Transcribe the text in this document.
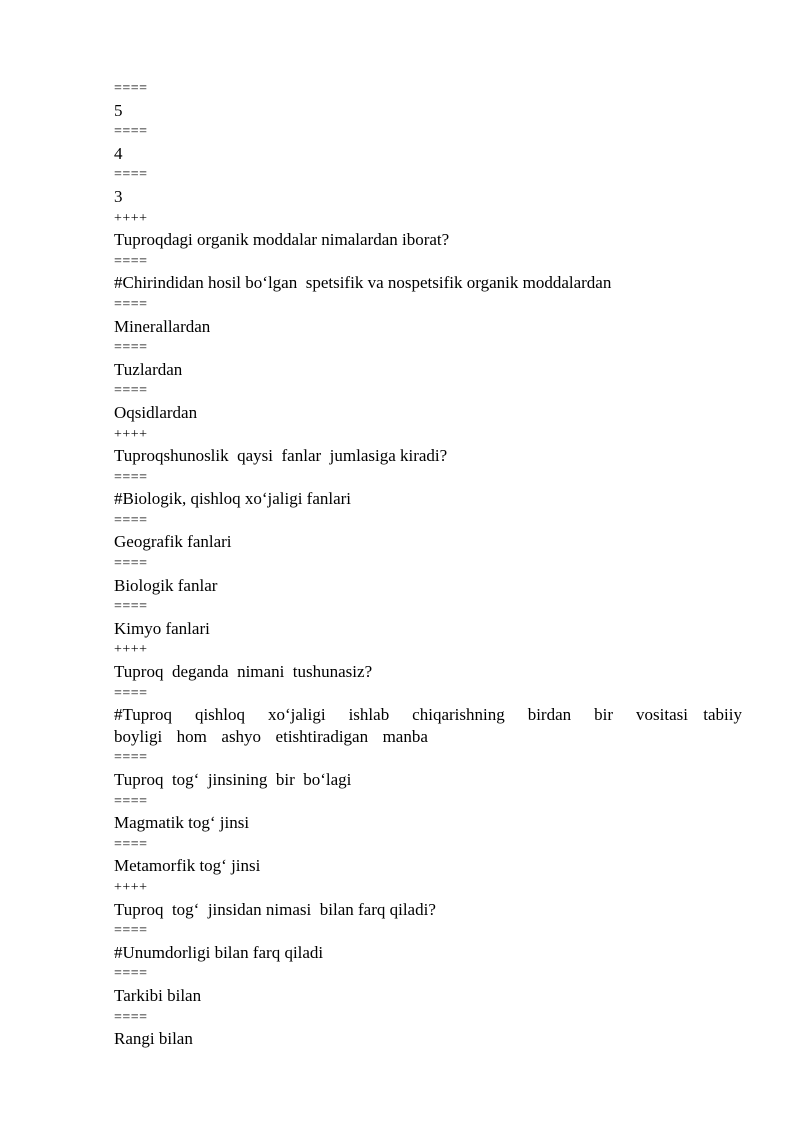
====

5

====

4

====

3

++++

Tuproqdagi organik moddalar nimalardan iborat?

====

#Chirindidan hosil bo‘lgan  spetsifik va nospetsifik organik moddalardan

====

Minerallardan

====

Tuzlardan

====

Oqsidlardan

++++

Tuproqshunoslik  qaysi  fanlar  jumlasiga kiradi?

====

#Biologik, qishloq xo‘jaligi fanlari

====

Geografik fanlari

====

Biologik fanlar

====

Kimyo fanlari

++++

Tuproq  deganda  nimani  tushunasiz?

====

#Tuproq   qishloq   xo‘jaligi   ishlab   chiqarishning   birdan   bir   vositasi  tabiiy boyligi  hom  ashyo  etishtiradigan  manba

====

Tuproq  tog‘  jinsining  bir  bo‘lagi

====

Magmatik tog‘ jinsi

====

Metamorfik tog‘ jinsi

++++

Tuproq  tog‘  jinsidan nimasi  bilan farq qiladi?

====

#Unumdorligi bilan farq qiladi

====

Tarkibi bilan

====

Rangi bilan
